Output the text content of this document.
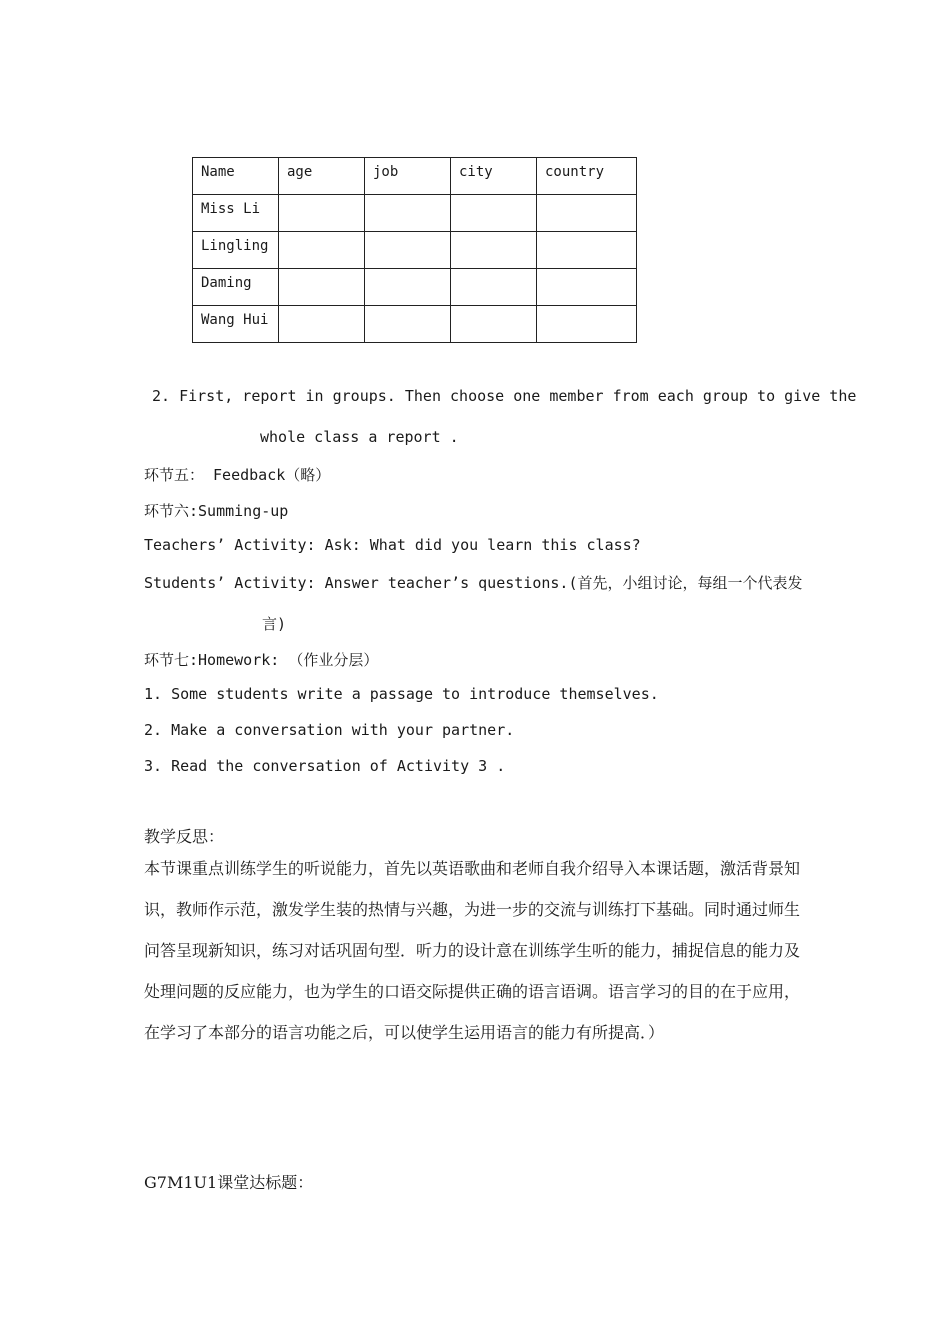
Name	age	job	city	country
Miss Li				
Lingling				
Daming				
Wang Hui				
2. First, report in groups. Then choose one member from each group to give the
whole class a report .
环节五： Feedback（略）
环节六:Summing-up
Teachers’ Activity: Ask: What did you learn this class?
Students’ Activity: Answer teacher’s questions.(首先，小组讨论，每组一个代表发
言)
环节七:Homework: （作业分层）
1. Some students write a passage to introduce themselves.
2. Make a conversation with your partner.
3. Read the conversation of Activity 3 .
教学反思：
本节课重点训练学生的听说能力，首先以英语歌曲和老师自我介绍导入本课话题，激活背景知识，教师作示范，激发学生装的热情与兴趣，为进一步的交流与训练打下基础。同时通过师生问答呈现新知识，练习对话巩固句型．听力的设计意在训练学生听的能力，捕捉信息的能力及处理问题的反应能力，也为学生的口语交际提供正确的语言语调。语言学习的目的在于应用，在学习了本部分的语言功能之后，可以使学生运用语言的能力有所提高．）
G7M1U1课堂达标题：
